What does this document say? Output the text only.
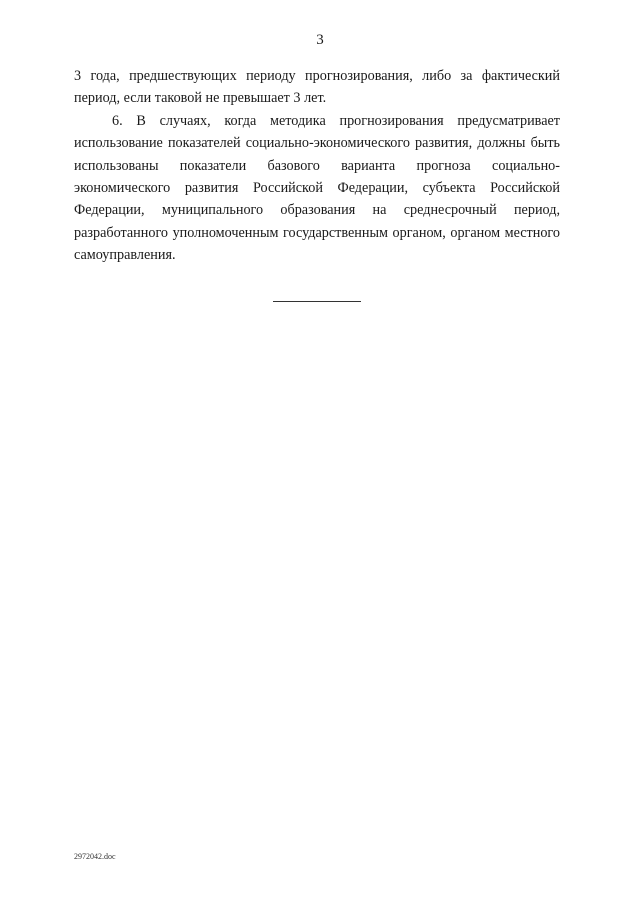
3

3 года, предшествующих периоду прогнозирования, либо за фактический период, если таковой не превышает 3 лет.

6. В случаях, когда методика прогнозирования предусматривает использование показателей социально-экономического развития, должны быть использованы показатели базового варианта прогноза социально-экономического развития Российской Федерации, субъекта Российской Федерации, муниципального образования на среднесрочный период, разработанного уполномоченным государственным органом, органом местного самоуправления.

2972042.doc
